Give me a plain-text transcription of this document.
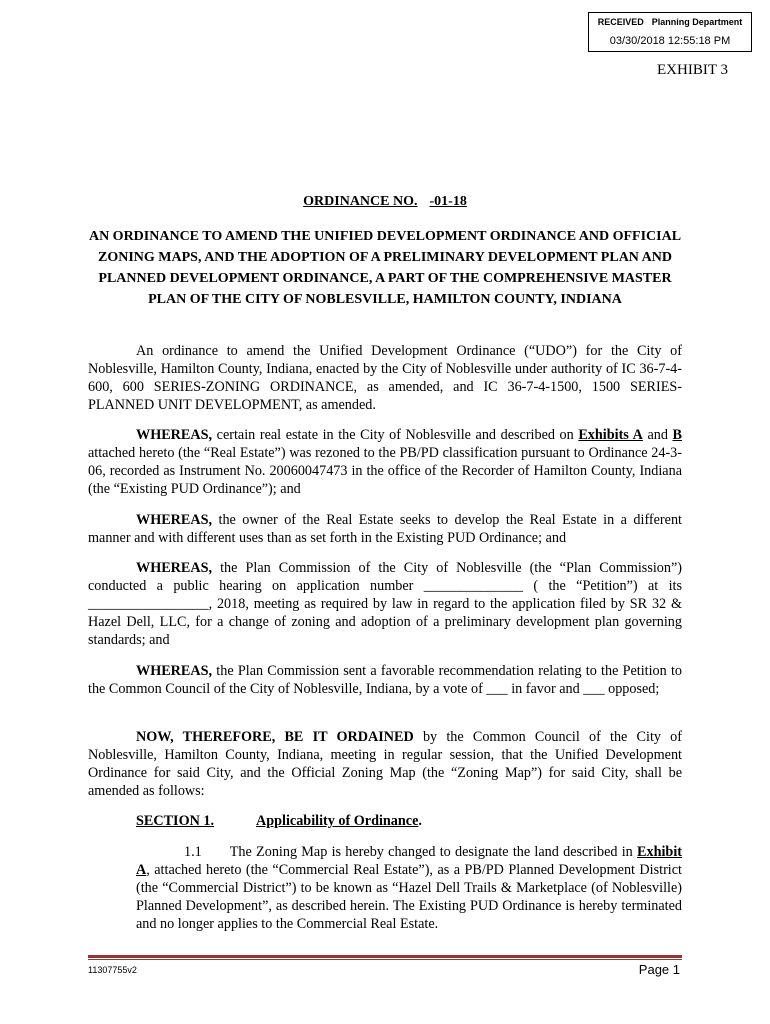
RECEIVED Planning Department
03/30/2018 12:55:18 PM
EXHIBIT 3
ORDINANCE NO. -01-18
AN ORDINANCE TO AMEND THE UNIFIED DEVELOPMENT ORDINANCE AND OFFICIAL ZONING MAPS, AND THE ADOPTION OF A PRELIMINARY DEVELOPMENT PLAN AND PLANNED DEVELOPMENT ORDINANCE, A PART OF THE COMPREHENSIVE MASTER PLAN OF THE CITY OF NOBLESVILLE, HAMILTON COUNTY, INDIANA

An ordinance to amend the Unified Development Ordinance (“UDO”) for the City of Noblesville, Hamilton County, Indiana, enacted by the City of Noblesville under authority of IC 36-7-4-600, 600 SERIES-ZONING ORDINANCE, as amended, and IC 36-7-4-1500, 1500 SERIES-PLANNED UNIT DEVELOPMENT, as amended.

WHEREAS, certain real estate in the City of Noblesville and described on Exhibits A and B attached hereto (the “Real Estate”) was rezoned to the PB/PD classification pursuant to Ordinance 24-3-06, recorded as Instrument No. 20060047473 in the office of the Recorder of Hamilton County, Indiana (the “Existing PUD Ordinance”); and

WHEREAS, the owner of the Real Estate seeks to develop the Real Estate in a different manner and with different uses than as set forth in the Existing PUD Ordinance; and

WHEREAS, the Plan Commission of the City of Noblesville (the “Plan Commission”) conducted a public hearing on application number ______________ ( the “Petition”) at its _________________, 2018, meeting as required by law in regard to the application filed by SR 32 & Hazel Dell, LLC, for a change of zoning and adoption of a preliminary development plan governing standards; and

WHEREAS, the Plan Commission sent a favorable recommendation relating to the Petition to the Common Council of the City of Noblesville, Indiana, by a vote of ___ in favor and ___ opposed;

NOW, THEREFORE, BE IT ORDAINED by the Common Council of the City of Noblesville, Hamilton County, Indiana, meeting in regular session, that the Unified Development Ordinance for said City, and the Official Zoning Map (the “Zoning Map”) for said City, shall be amended as follows:

SECTION 1.	Applicability of Ordinance.

1.1 The Zoning Map is hereby changed to designate the land described in Exhibit A, attached hereto (the “Commercial Real Estate”), as a PB/PD Planned Development District (the “Commercial District”) to be known as “Hazel Dell Trails & Marketplace (of Noblesville) Planned Development”, as described herein. The Existing PUD Ordinance is hereby terminated and no longer applies to the Commercial Real Estate.

11307755v2	Page 1
